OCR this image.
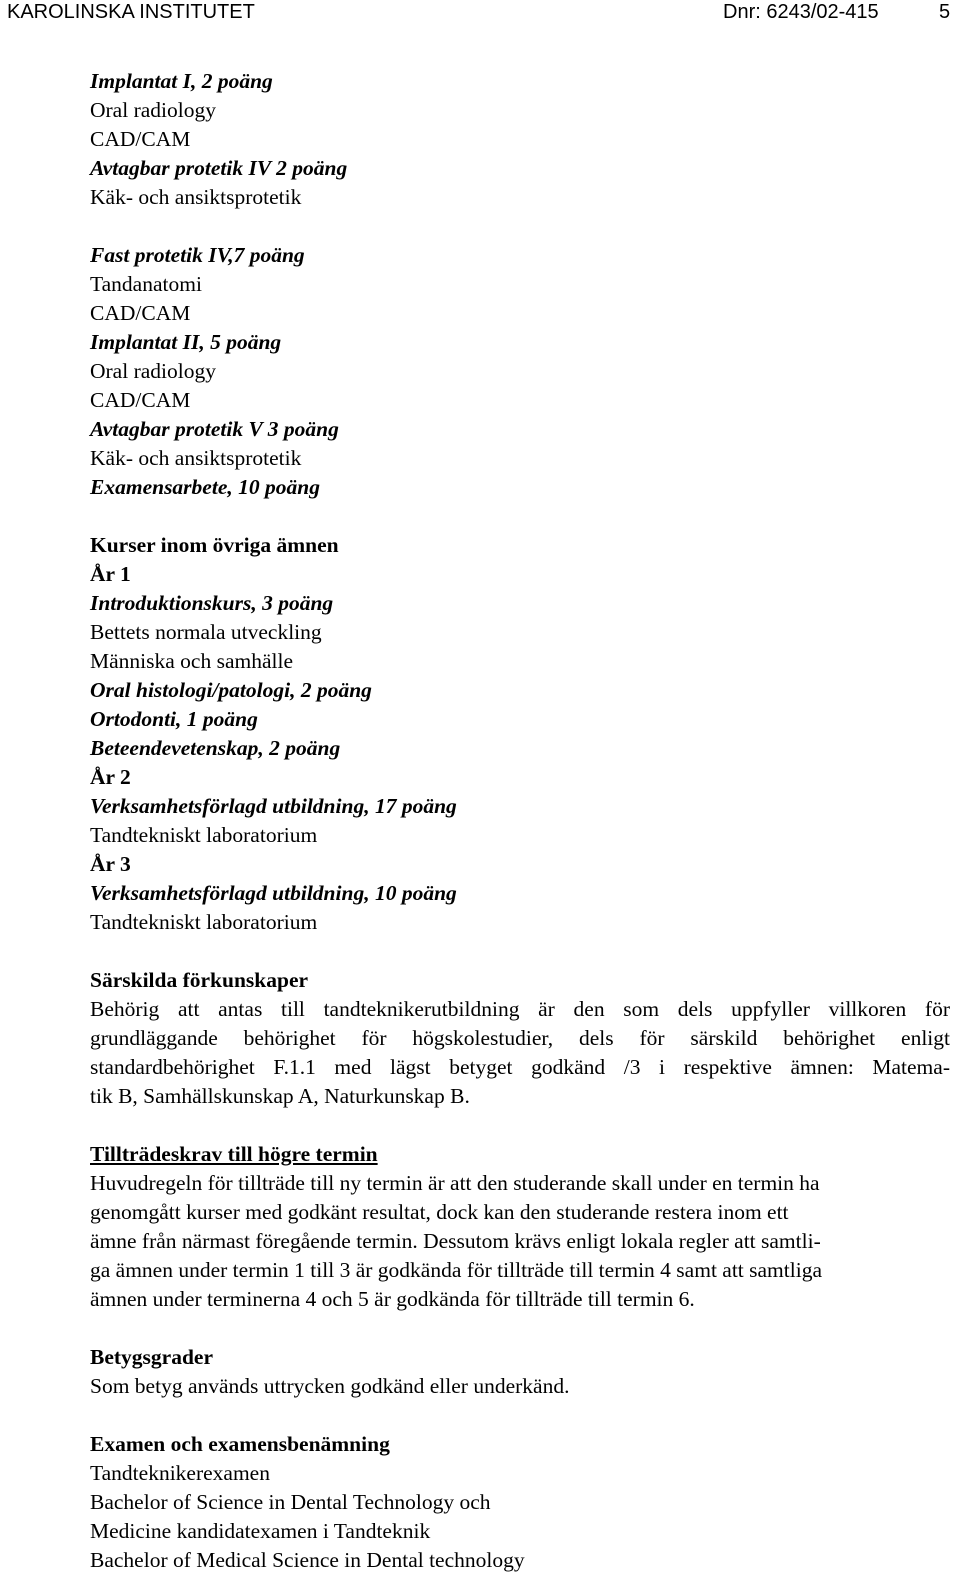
KAROLINSKA INSTITUTET	Dnr: 6243/02-415	5
Implantat I, 2 poäng
Oral radiology
CAD/CAM
Avtagbar protetik IV 2 poäng
Käk- och ansiktsprotetik
Fast protetik IV,7 poäng
Tandanatomi
CAD/CAM
Implantat II, 5 poäng
Oral radiology
CAD/CAM
Avtagbar protetik V 3 poäng
Käk- och ansiktsprotetik
Examensarbete, 10 poäng
Kurser inom övriga ämnen
År 1
Introduktionskurs, 3 poäng
Bettets normala utveckling
Människa och samhälle
Oral histologi/patologi, 2 poäng
Ortodonti, 1 poäng
Beteendevetenskap, 2 poäng
År 2
Verksamhetsförlagd utbildning, 17 poäng
Tandtekniskt laboratorium
År 3
Verksamhetsförlagd utbildning, 10 poäng
Tandtekniskt laboratorium
Särskilda förkunskaper
Behörig att antas till tandteknikerutbildning är den som dels uppfyller villkoren för
grundläggande behörighet för högskolestudier, dels för särskild behörighet enligt
standardbehörighet F.1.1 med lägst betyget godkänd /3 i respektive ämnen: Matema-
tik B, Samhällskunskap A, Naturkunskap B.
Tillträdeskrav till högre termin
Huvudregeln för tillträde till ny termin är att den studerande skall under en termin ha
genomgått kurser med godkänt resultat, dock kan den studerande restera inom ett
ämne från närmast föregående termin. Dessutom krävs enligt lokala regler att samtli-
ga ämnen under termin 1 till 3 är godkända för tillträde till termin 4 samt att samtliga
ämnen under terminerna 4 och 5 är godkända för tillträde till termin 6.
Betygsgrader
Som betyg används uttrycken godkänd eller underkänd.
Examen och examensbenämning
Tandteknikerexamen
Bachelor of Science in Dental Technology och
Medicine kandidatexamen i Tandteknik
Bachelor of Medical Science in Dental technology
